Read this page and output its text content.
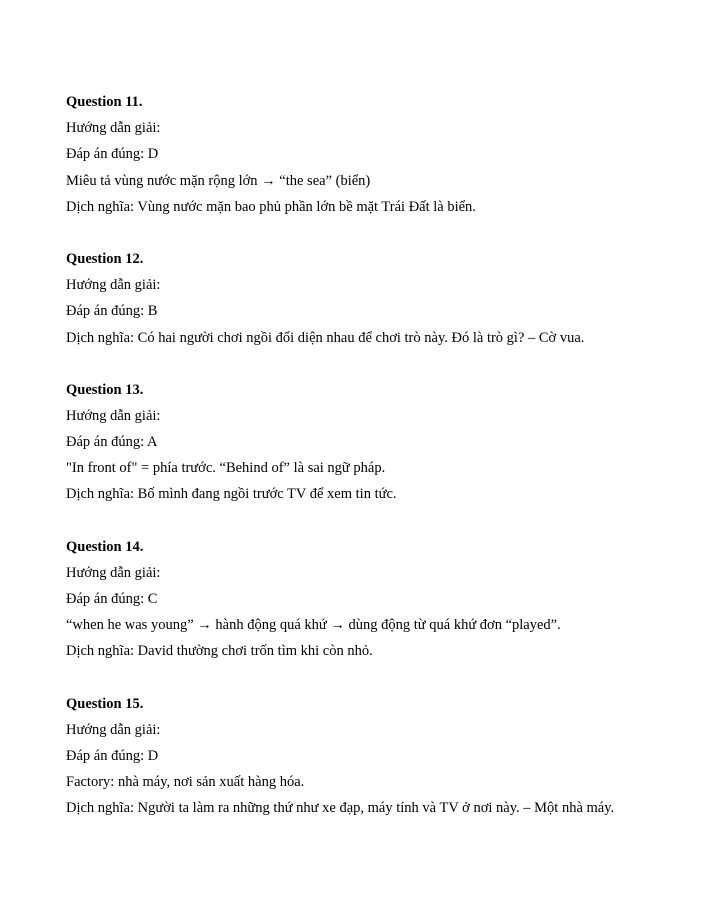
Question 11.
Hướng dẫn giải:
Đáp án đúng: D
Miêu tả vùng nước mặn rộng lớn → “the sea” (biển)
Dịch nghĩa: Vùng nước mặn bao phủ phần lớn bề mặt Trái Đất là biển.
Question 12.
Hướng dẫn giải:
Đáp án đúng: B
Dịch nghĩa: Có hai người chơi ngồi đối diện nhau để chơi trò này. Đó là trò gì? – Cờ vua.
Question 13.
Hướng dẫn giải:
Đáp án đúng: A
"In front of" = phía trước. “Behind of” là sai ngữ pháp.
Dịch nghĩa: Bố mình đang ngồi trước TV để xem tin tức.
Question 14.
Hướng dẫn giải:
Đáp án đúng: C
“when he was young” → hành động quá khứ → dùng động từ quá khứ đơn “played”.
Dịch nghĩa: David thường chơi trốn tìm khi còn nhỏ.
Question 15.
Hướng dẫn giải:
Đáp án đúng: D
Factory: nhà máy, nơi sản xuất hàng hóa.
Dịch nghĩa: Người ta làm ra những thứ như xe đạp, máy tính và TV ở nơi này. – Một nhà máy.
